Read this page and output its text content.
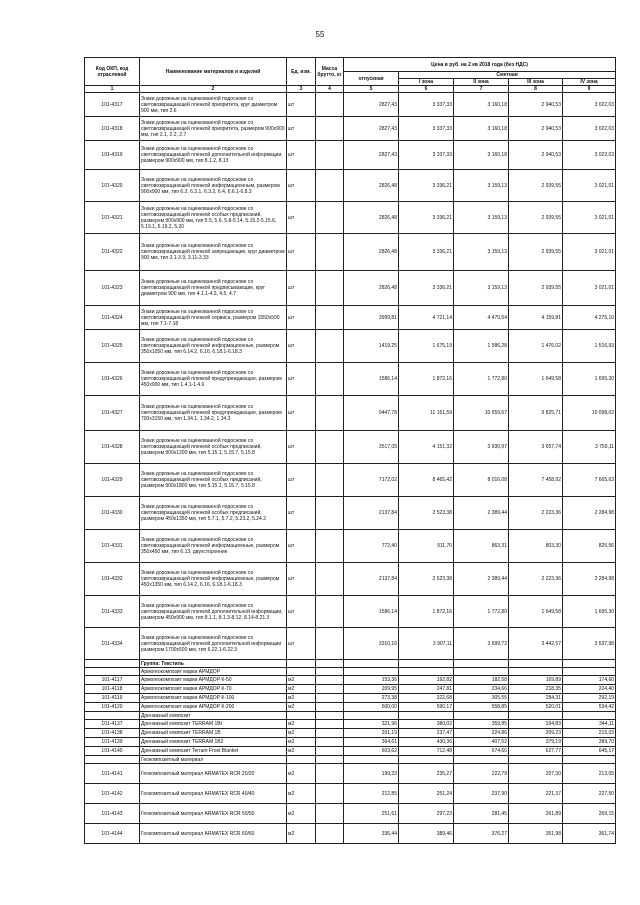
55
Код ОКП, код отраслевой	Наименование материалов и изделий	Ед. изм.	Масса брутто, кг	Цена в руб. на 2 кв 2018 года (без НДС)				
				отпускная	Сметная			
					I зона	II зона	III зона	IV зона
1	2	3	4	5	6	7	8	9
101-4317	Знаки дорожные на оцинкованной подоснове со световозвращающей пленкой приоритета, круг диаметром 900 мм, тип 2.6	шт		2827,43	3 337,33	3 160,18	2 940,53	3 022,03
101-4318	Знаки дорожные на оцинкованной подоснове со световозвращающей пленкой приоритета, размером 900х900 мм, тип 2.1, 2.2, 2.7	шт		2827,43	3 337,33	3 160,18	2 940,53	3 022,03
101-4319	Знаки дорожные на оцинкованной подоснове со световозвращающей пленкой дополнительной информации, размером 900х900 мм, тип 8.1.2, 8.13	шт		2827,43	3 337,33	3 160,18	2 940,53	3 022,03
101-4320	Знаки дорожные на оцинкованной подоснове со световозвращающей пленкой информационным, размером 900х900 мм, тип 6.2, 6.3.1, 6.3.2, 6.4, 6.6.1-6.8.3	шт		2826,48	3 336,21	3 159,13	2 939,55	3 021,01
101-4321	Знаки дорожные на оцинкованной подоснове со световозвращающей пленкой особых предписаний, размером 900х900 мм, тип 5.5, 5.6, 5.8-5.14, 5.15.2-5.15.6, 5.19.1, 5.19.2, 5.20	шт		2826,48	3 336,21	3 159,13	2 939,55	3 021,01
101-4322	Знаки дорожные на оцинкованной подоснове со световозвращающей пленкой запрещающие, круг диаметром 900 мм, тип 3.1-3.9, 3.11-3.33	шт		2826,48	3 336,21	3 159,13	2 939,55	3 021,01
101-4323	Знаки дорожные на оцинкованной подоснове со световозвращающей пленкой предписывающие, круг диаметром 900 мм, тип 4.1.1-4.3, 4.5, 4.7	шт		2826,48	3 336,21	3 159,13	2 939,55	3 021,01
101-4324	Знаки дорожные на оцинкованной подоснове со световозвращающей пленкой сервиса, размером 1550х500 мм, тип 7.1-7.18	шт		3999,81	4 721,14	4 470,54	4 159,81	4 275,10
101-4325	Знаки дорожные на оцинкованной подоснове со световозвращающей пленкой информационные, размером 350х1050 мм, тип 6.14.2, 6.16, 6.18.1-6.18.3	шт		1419,25	1 675,19	1 586,28	1 476,02	1 516,93
101-4326	Знаки дорожные на оцинкованной подоснове со световозвращающей пленкой предупреждающие, размером 450х900 мм, тип 1.4.1-1.4.6	шт		1586,14	1 872,16	1 772,80	1 649,58	1 695,30
101-4327	Знаки дорожные на оцинкованной подоснове со световозвращающей пленкой предупреждающие, размером 700х3150 мм, тип 1.34.1, 1.34.2, 1.34.3	шт		9447,78	11 151,59	10 559,67	9 825,71	10 098,02
101-4328	Знаки дорожные на оцинкованной подоснове со световозвращающей пленкой особых предписаний, размером 900х1200 мм, тип 5.15.1, 5.15.7, 5.15.8	шт		3517,05	4 151,32	3 930,97	3 657,74	3 759,11
101-4329	Знаки дорожные на оцинкованной подоснове со световозвращающей пленкой особых предписаний, размером 900х1800 мм, тип 5.15.1, 5.15.7, 5.15.8	шт		7172,02	8 465,42	8 016,08	7 458,92	7 665,63
101-4330	Знаки дорожные на оцинкованной подоснове со световозвращающей пленкой особых предписаний, размером 450х1350 мм, тип 5.7.1, 5.7.2, 5.23.2, 5.24.2	шт		2137,84	2 523,38	2 389,44	2 223,36	2 284,98
101-4331	Знаки дорожные на оцинкованной подоснове со световозвращающей пленкой информационные, размером 350х450 мм, тип 6.13, двухсторонние	шт		772,40	911,70	863,31	803,30	825,56
101-4332	Знаки дорожные на оцинкованной подоснове со световозвращающей пленкой информационные, размером 450х1350 мм, тип 6.14.2, 6.16, 6.18.1-6.18.3	шт		2137,84	2 523,38	2 389,44	2 223,36	2 284,98
101-4333	Знаки дорожные на оцинкованной подоснове со световозвращающей пленкой дополнительной информации, размером 450х900 мм, тип 8.1.1, 8.1.3-8.12, 8.14-8.21.3	шт		1586,14	1 872,16	1 772,80	1 649,58	1 695,30
101-4334	Знаки дорожные на оцинкованной подоснове со световозвращающей пленкой дополнительной информации размером 1700х500 мм, тип 6.22.1-6.22.3	шт		3310,16	3 907,11	3 699,72	3 442,57	3 537,98
	Группа: Текстиль							
	Армогеокомпозит марки АРМДОР							
101-4117	Армогеокомпозит марки АРМДОР К-50	м2		153,36	192,82	182,58	169,89	174,60
101-4118	Армогеокомпозит марки АРМДОР К-70	м2		209,95	247,81	234,66	218,35	224,40
101-4119	Армогеокомпозит марки АРМДОР К-100	м2		273,38	322,68	305,55	284,31	292,19
101-4120	Армогеокомпозит марки АРМДОР К-200	м2		500,00	590,17	558,85	520,01	534,42
	Дренажный композит							
101-4137	Дренажный композит TERRAM 1Bt	м2		321,96	380,02	359,85	334,83	344,11
101-4138	Дренажный композит TERRAM 1B	м2		201,19	237,47	224,86	209,23	215,03
101-4139	Дренажный композит TERRAM 1B2	м2		364,61	430,36	407,52	379,19	389,70
101-4140	Дренажный композит Terram Frost Blanket	м2		603,62	712,48	674,66	627,77	645,17
	Геокомпозитный материал							
101-4141	Геокомпозитный материал ARMATEX RCR 20/20	м2		199,33	235,27	222,79	207,30	213,05
101-4142	Геокомпозитный материал ARMATEX RCR 40/40	м2		212,85	251,24	237,90	221,37	227,50
101-4143	Геокомпозитный материал ARMATEX RCR 50/50	м2		251,61	297,23	281,45	261,89	269,15
101-4144	Геокомпозитный материал ARMATEX RCR 60/60	м2		336,44	389,46	376,27	351,98	361,74
